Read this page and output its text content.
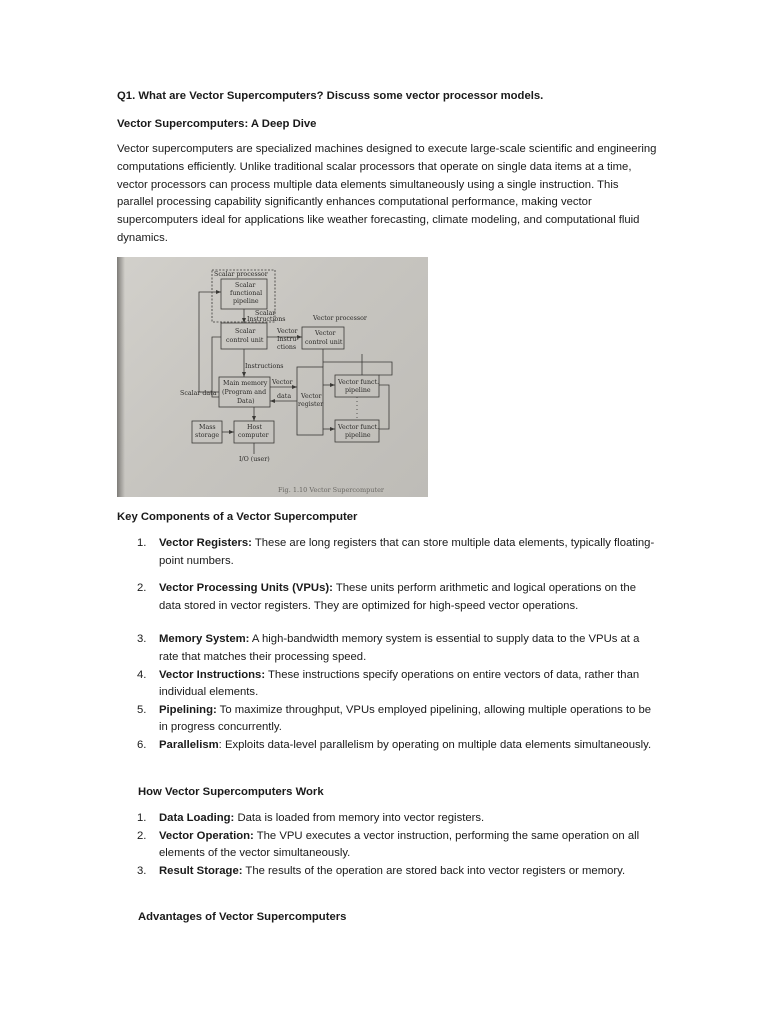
Q1. What are Vector Supercomputers? Discuss some vector processor models.
Vector Supercomputers: A Deep Dive

Vector supercomputers are specialized machines designed to execute large-scale scientific and engineering computations efficiently. Unlike traditional scalar processors that operate on single data items at a time, vector processors can process multiple data elements simultaneously using a single instruction. This parallel processing capability significantly enhances computational performance, making vector supercomputers ideal for applications like weather forecasting, climate modeling, and computational fluid dynamics.

Scalar processor
Scalar
functional
pipeline
Scalar
Instructions	Vector processor
Scalar
control unit
Vector
Instru-
ctions
Vector
control unit
Instructions
Scalar data
Main memory
(Program and
Data)
Vector
data Vector
register
Vector funct.
pipeline
Vector funct.
pipeline
Mass
storage
Host
computer
I/O (user)
Fig. 1.10 Vector Supercomputer
Key Components of a Vector Supercomputer
1. Vector Registers: These are long registers that can store multiple data elements, typically floating-point numbers.
2. Vector Processing Units (VPUs): These units perform arithmetic and logical operations on the data stored in vector registers. They are optimized for high-speed vector operations.
3. Memory System: A high-bandwidth memory system is essential to supply data to the VPUs at a rate that matches their processing speed.
4. Vector Instructions: These instructions specify operations on entire vectors of data, rather than individual elements.
5. Pipelining: To maximize throughput, VPUs employed pipelining, allowing multiple operations to be in progress concurrently.
6. Parallelism: Exploits data-level parallelism by operating on multiple data elements simultaneously.
How Vector Supercomputers Work
1. Data Loading: Data is loaded from memory into vector registers.
2. Vector Operation: The VPU executes a vector instruction, performing the same operation on all elements of the vector simultaneously.
3. Result Storage: The results of the operation are stored back into vector registers or memory.
Advantages of Vector Supercomputers
